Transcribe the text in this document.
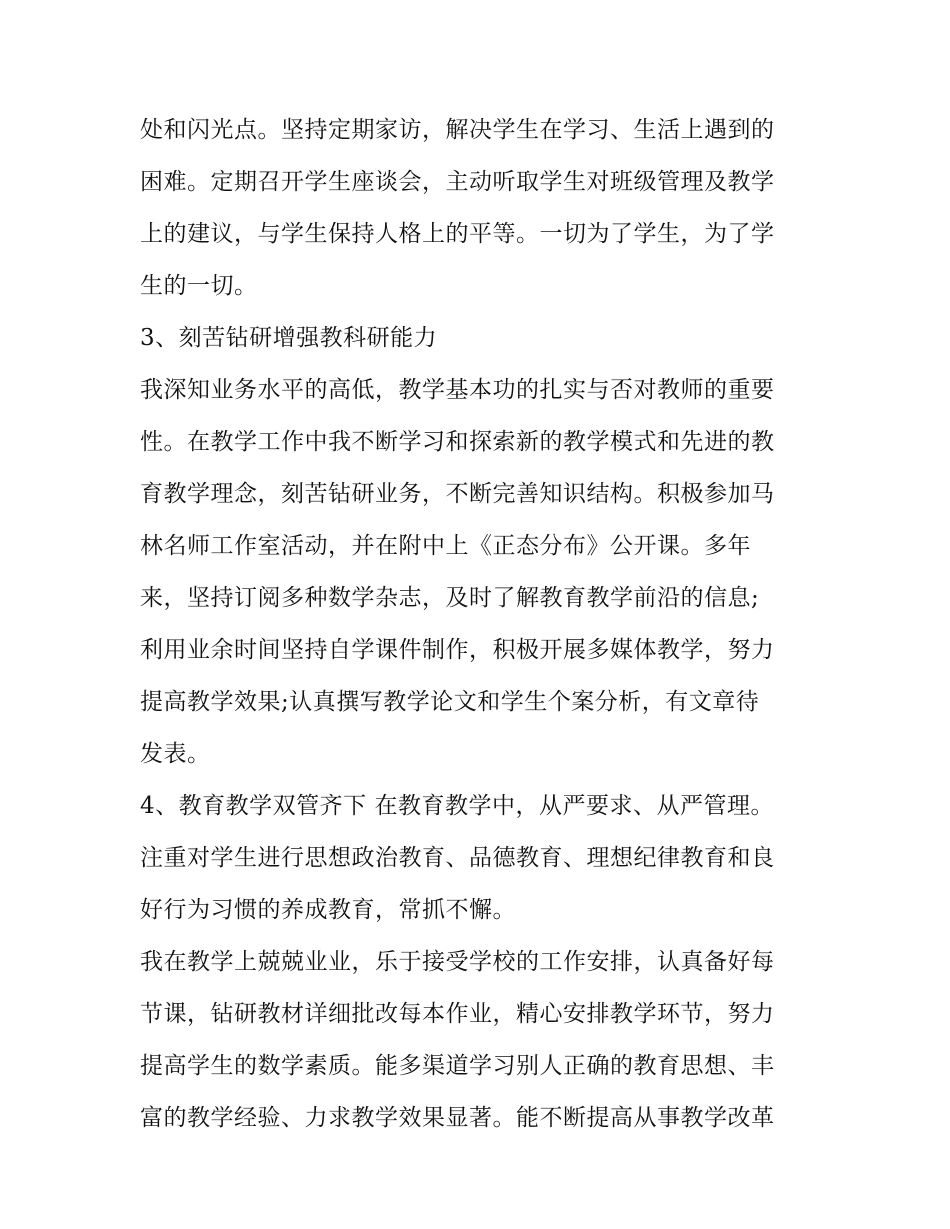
处和闪光点。坚持定期家访，解决学生在学习、生活上遇到的
困难。定期召开学生座谈会，主动听取学生对班级管理及教学
上的建议，与学生保持人格上的平等。一切为了学生，为了学
生的一切。
3、刻苦钻研增强教科研能力
我深知业务水平的高低，教学基本功的扎实与否对教师的重要
性。在教学工作中我不断学习和探索新的教学模式和先进的教
育教学理念，刻苦钻研业务，不断完善知识结构。积极参加马
林名师工作室活动，并在附中上《正态分布》公开课。多年
来，坚持订阅多种数学杂志，及时了解教育教学前沿的信息;
利用业余时间坚持自学课件制作，积极开展多媒体教学，努力
提高教学效果;认真撰写教学论文和学生个案分析，有文章待
发表。
4、教育教学双管齐下 在教育教学中，从严要求、从严管理。
注重对学生进行思想政治教育、品德教育、理想纪律教育和良
好行为习惯的养成教育，常抓不懈。
我在教学上兢兢业业，乐于接受学校的工作安排，认真备好每
节课，钻研教材详细批改每本作业，精心安排教学环节，努力
提高学生的数学素质。能多渠道学习别人正确的教育思想、丰
富的教学经验、力求教学效果显著。能不断提高从事教学改革
